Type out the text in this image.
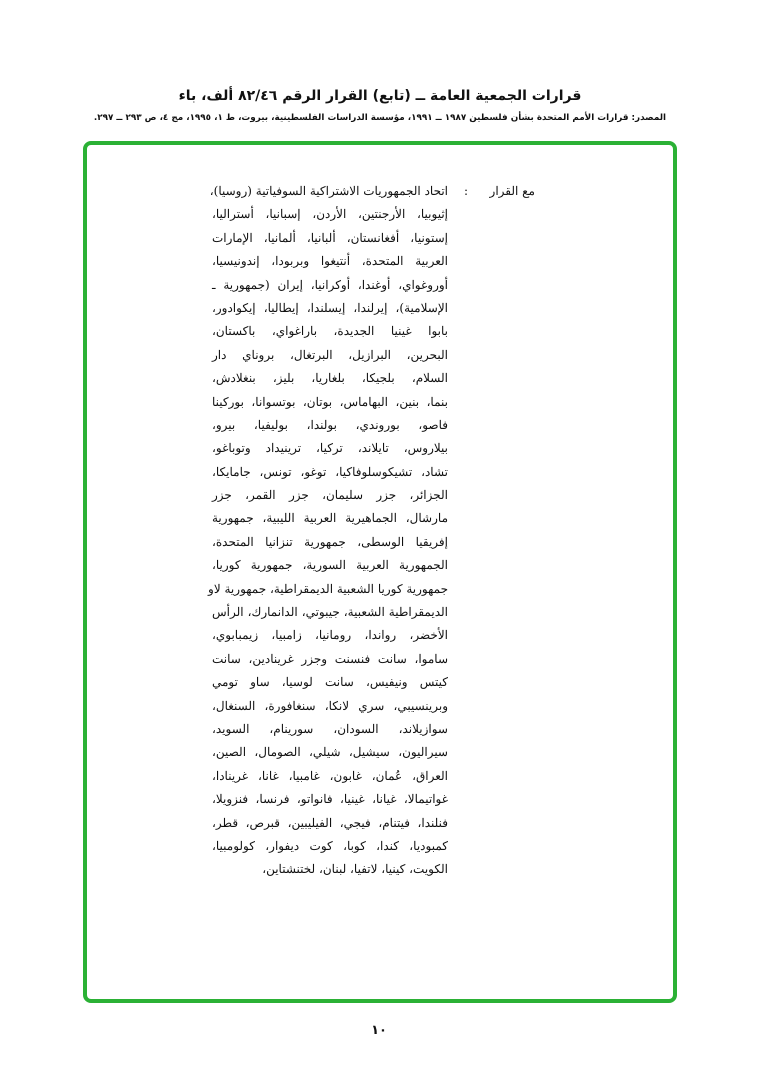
قرارات الجمعية العامة ــ (تابع) القرار الرقم ٨٢/٤٦ ألف، باء
المصدر: قرارات الأمم المتحدة بشأن فلسطين ١٩٨٧ ــ ١٩٩١، مؤسسة الدراسات الفلسطينية، بيروت، ط ١، ١٩٩٥، مج ٤، ص ٢٩٣ ــ ٢٩٧.
مع القرار
:
اتحاد الجمهوريات الاشتراكية السوفياتية (روسيا)،
إثيوبيا، الأرجنتين، الأردن، إسبانيا، أستراليا،
إستونيا، أفغانستان، ألبانيا، ألمانيا، الإمارات
العربية المتحدة، أنتيغوا وبربودا، إندونيسيا،
أوروغواي، أوغندا، أوكرانيا، إيران (جمهورية ـ
الإسلامية)، إيرلندا، إيسلندا، إيطاليا، إيكوادور،
بابوا غينيا الجديدة، باراغواي، باكستان،
البحرين، البرازيل، البرتغال، بروناي دار
السلام، بلجيكا، بلغاريا، بليز، بنغلادش،
بنما، بنين، البهاماس، بوتان، بوتسوانا، بوركينا
فاصو، بوروندي، بولندا، بوليفيا، بيرو،
بيلاروس، تايلاند، تركيا، ترينيداد وتوباغو،
تشاد، تشيكوسلوفاكيا، توغو، تونس، جامايكا،
الجزائر، جزر سليمان، جزر القمر، جزر
مارشال، الجماهيرية العربية الليبية، جمهورية
إفريقيا الوسطى، جمهورية تنزانيا المتحدة،
الجمهورية العربية السورية، جمهورية كوريا،
جمهورية كوريا الشعبية الديمقراطية، جمهورية لاو
الديمقراطية الشعبية، جيبوتي، الدانمارك، الرأس
الأخضر، رواندا، رومانيا، زامبيا، زيمبابوي،
ساموا، سانت فنسنت وجزر غرينادين، سانت
كيتس ونيفيس، سانت لوسيا، ساو تومي
وبرينسيبي، سري لانكا، سنغافورة، السنغال،
سوازيلاند، السودان، سورينام، السويد،
سيراليون، سيشيل، شيلي، الصومال، الصين،
العراق، عُمان، غابون، غامبيا، غانا، غرينادا،
غواتيمالا، غيانا، غينيا، فانواتو، فرنسا، فنزويلا،
فنلندا، فيتنام، فيجي، الفيليبين، قبرص، قطر،
كمبوديا، كندا، كوبا، كوت ديفوار، كولومبيا،
الكويت، كينيا، لاتفيا، لبنان، لختنشتاين،
١٠
